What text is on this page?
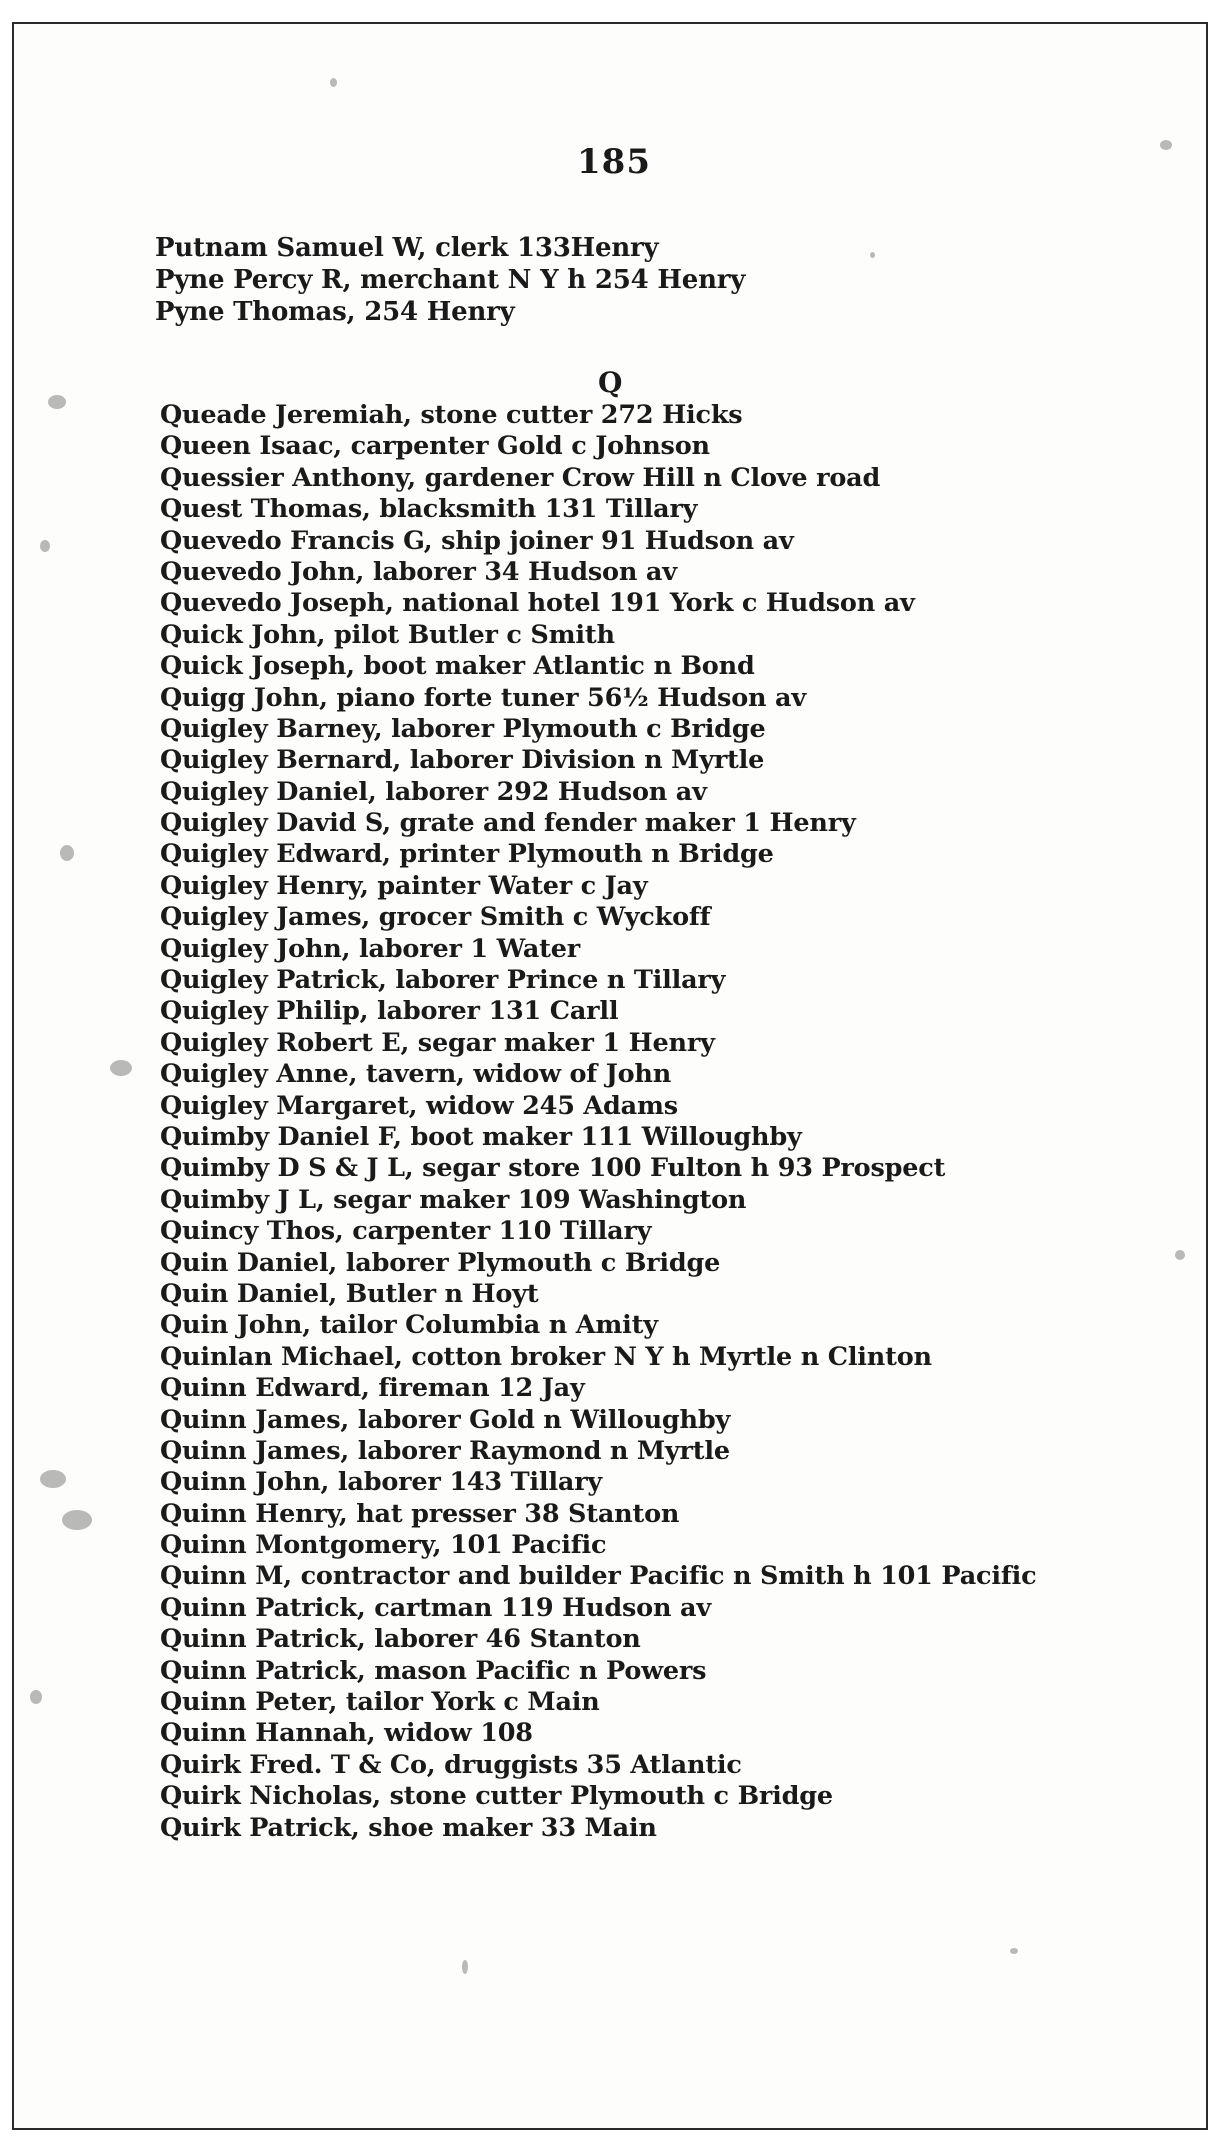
185
Putnam Samuel W, clerk 133Henry
Pyne Percy R, merchant N Y h 254 Henry
Pyne Thomas, 254 Henry
Q
Queade Jeremiah, stone cutter 272 Hicks
Queen Isaac, carpenter Gold c Johnson
Quessier Anthony, gardener Crow Hill n Clove road
Quest Thomas, blacksmith 131 Tillary
Quevedo Francis G, ship joiner 91 Hudson av
Quevedo John, laborer 34 Hudson av
Quevedo Joseph, national hotel 191 York c Hudson av
Quick John, pilot Butler c Smith
Quick Joseph, boot maker Atlantic n Bond
Quigg John, piano forte tuner 56½ Hudson av
Quigley Barney, laborer Plymouth c Bridge
Quigley Bernard, laborer Division n Myrtle
Quigley Daniel, laborer 292 Hudson av
Quigley David S, grate and fender maker 1 Henry
Quigley Edward, printer Plymouth n Bridge
Quigley Henry, painter Water c Jay
Quigley James, grocer Smith c Wyckoff
Quigley John, laborer 1 Water
Quigley Patrick, laborer Prince n Tillary
Quigley Philip, laborer 131 Carll
Quigley Robert E, segar maker 1 Henry
Quigley Anne, tavern, widow of John
Quigley Margaret, widow 245 Adams
Quimby Daniel F, boot maker 111 Willoughby
Quimby D S & J L, segar store 100 Fulton h 93 Prospect
Quimby J L, segar maker 109 Washington
Quincy Thos, carpenter 110 Tillary
Quin Daniel, laborer Plymouth c Bridge
Quin Daniel, Butler n Hoyt
Quin John, tailor Columbia n Amity
Quinlan Michael, cotton broker N Y h Myrtle n Clinton
Quinn Edward, fireman 12 Jay
Quinn James, laborer Gold n Willoughby
Quinn James, laborer Raymond n Myrtle
Quinn John, laborer 143 Tillary
Quinn Henry, hat presser 38 Stanton
Quinn Montgomery, 101 Pacific
Quinn M, contractor and builder Pacific n Smith h 101 Pacific
Quinn Patrick, cartman 119 Hudson av
Quinn Patrick, laborer 46 Stanton
Quinn Patrick, mason Pacific n Powers
Quinn Peter, tailor York c Main
Quinn Hannah, widow 108
Quirk Fred. T & Co, druggists 35 Atlantic
Quirk Nicholas, stone cutter Plymouth c Bridge
Quirk Patrick, shoe maker 33 Main
